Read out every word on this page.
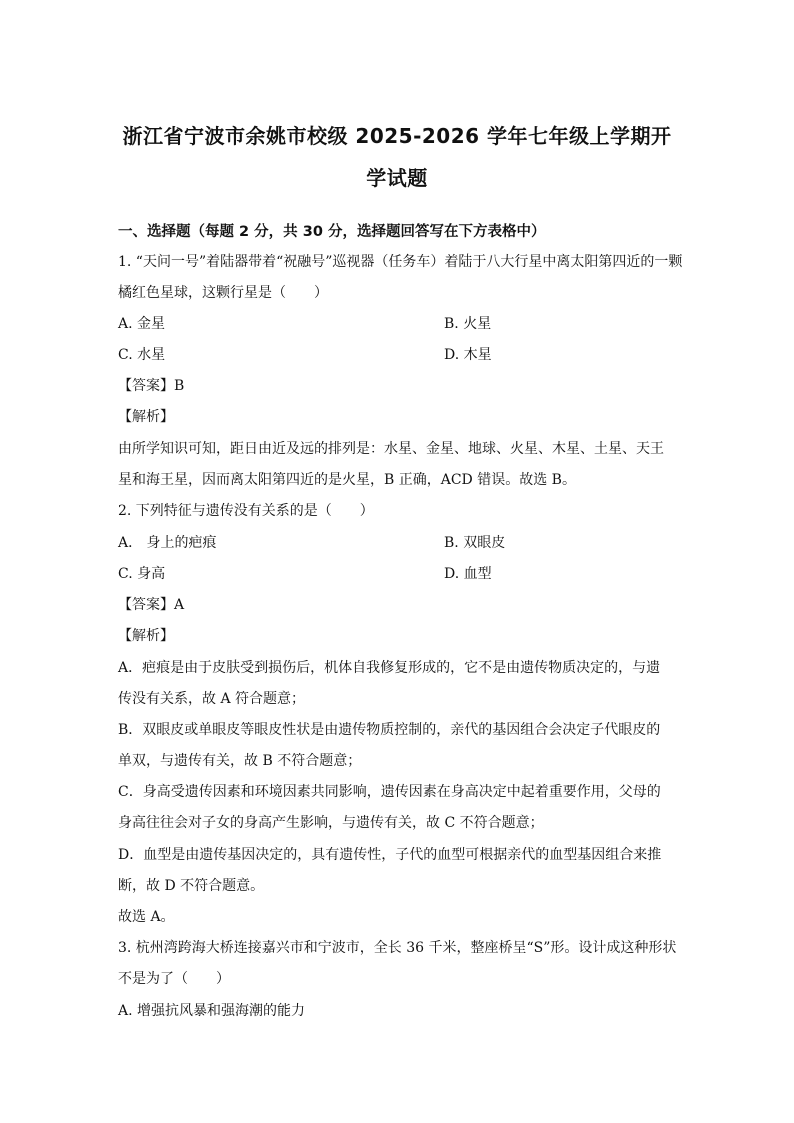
浙江省宁波市余姚市校级 2025-2026 学年七年级上学期开
学试题
一、选择题（每题 2 分，共 30 分，选择题回答写在下方表格中）
1. “天问一号”着陆器带着“祝融号”巡视器（任务车）着陆于八大行星中离太阳第四近的一颗
橘红色星球，这颗行星是（　　）
A. 金星	B. 火星
C. 水星	D. 木星
【答案】B
【解析】
由所学知识可知，距日由近及远的排列是：水星、金星、地球、火星、木星、土星、天王
星和海王星，因而离太阳第四近的是火星，B 正确，ACD 错误。故选 B。
2. 下列特征与遗传没有关系的是（　　）
A． 身上的疤痕	B. 双眼皮
C. 身高	D. 血型
【答案】A
【解析】
A．疤痕是由于皮肤受到损伤后，机体自我修复形成的，它不是由遗传物质决定的，与遗
传没有关系，故 A 符合题意；
B．双眼皮或单眼皮等眼皮性状是由遗传物质控制的，亲代的基因组合会决定子代眼皮的
单双，与遗传有关，故 B 不符合题意；
C．身高受遗传因素和环境因素共同影响，遗传因素在身高决定中起着重要作用，父母的
身高往往会对子女的身高产生影响，与遗传有关，故 C 不符合题意；
D．血型是由遗传基因决定的，具有遗传性，子代的血型可根据亲代的血型基因组合来推
断，故 D 不符合题意。
故选 A。
3. 杭州湾跨海大桥连接嘉兴市和宁波市，全长 36 千米，整座桥呈“S”形。设计成这种形状
不是为了（　　）
A. 增强抗风暴和强海潮的能力
